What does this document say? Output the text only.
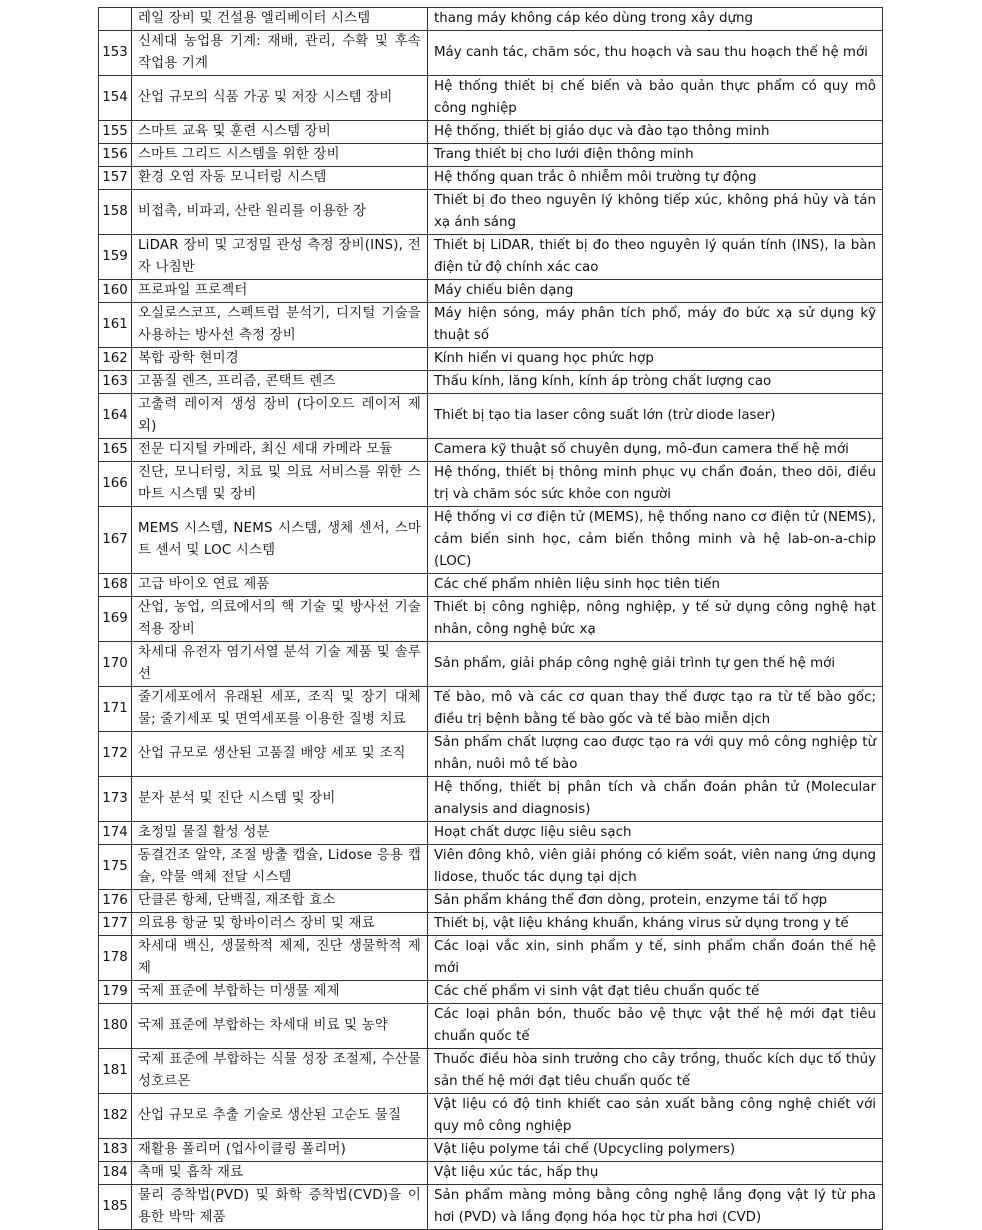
	레일 장비 및 건설용 엘리베이터 시스템	thang máy không cáp kéo dùng trong xây dựng
153	신세대 농업용 기계: 재배, 관리, 수확 및 후속 작업용 기계	Máy canh tác, chăm sóc, thu hoạch và sau thu hoạch thế hệ mới
154	산업 규모의 식품 가공 및 저장 시스템 장비	Hệ thống thiết bị chế biến và bảo quản thực phẩm có quy mô công nghiệp
155	스마트 교육 및 훈련 시스템 장비	Hệ thống, thiết bị giáo dục và đào tạo thông minh
156	스마트 그리드 시스템을 위한 장비	Trang thiết bị cho lưới điện thông minh
157	환경 오염 자동 모니터링 시스템	Hệ thống quan trắc ô nhiễm môi trường tự động
158	비접촉, 비파괴, 산란 원리를 이용한 장	Thiết bị đo theo nguyên lý không tiếp xúc, không phá hủy và tán xạ ánh sáng
159	LiDAR 장비 및 고정밀 관성 측정 장비(INS), 전자 나침반	Thiết bị LiDAR, thiết bị đo theo nguyên lý quán tính (INS), la bàn điện tử độ chính xác cao
160	프로파일 프로젝터	Máy chiếu biên dạng
161	오실로스코프, 스펙트럼 분석기, 디지털 기술을 사용하는 방사선 측정 장비	Máy hiện sóng, máy phân tích phổ, máy đo bức xạ sử dụng kỹ thuật số
162	복합 광학 현미경	Kính hiển vi quang học phức hợp
163	고품질 렌즈, 프리즘, 콘택트 렌즈	Thấu kính, lăng kính, kính áp tròng chất lượng cao
164	고출력 레이저 생성 장비 (다이오드 레이저 제외)	Thiết bị tạo tia laser công suất lớn (trừ diode laser)
165	전문 디지털 카메라, 최신 세대 카메라 모듈	Camera kỹ thuật số chuyên dụng, mô-đun camera thế hệ mới
166	진단, 모니터링, 치료 및 의료 서비스를 위한 스마트 시스템 및 장비	Hệ thống, thiết bị thông minh phục vụ chẩn đoán, theo dõi, điều trị và chăm sóc sức khỏe con người
167	MEMS 시스템, NEMS 시스템, 생체 센서, 스마트 센서 및 LOC 시스템	Hệ thống vi cơ điện tử (MEMS), hệ thống nano cơ điện tử (NEMS), cảm biến sinh học, cảm biến thông minh và hệ lab-on-a-chip (LOC)
168	고급 바이오 연료 제품	Các chế phẩm nhiên liệu sinh học tiên tiến
169	산업, 농업, 의료에서의 핵 기술 및 방사선 기술 적용 장비	Thiết bị công nghiệp, nông nghiệp, y tế sử dụng công nghệ hạt nhân, công nghệ bức xạ
170	차세대 유전자 염기서열 분석 기술 제품 및 솔루션	Sản phẩm, giải pháp công nghệ giải trình tự gen thế hệ mới
171	줄기세포에서 유래된 세포, 조직 및 장기 대체물; 줄기세포 및 면역세포를 이용한 질병 치료	Tế bào, mô và các cơ quan thay thế được tạo ra từ tế bào gốc; điều trị bệnh bằng tế bào gốc và tế bào miễn dịch
172	산업 규모로 생산된 고품질 배양 세포 및 조직	Sản phẩm chất lượng cao được tạo ra với quy mô công nghiệp từ nhân, nuôi mô tế bào
173	분자 분석 및 진단 시스템 및 장비	Hệ thống, thiết bị phân tích và chẩn đoán phân tử (Molecular analysis and diagnosis)
174	초정밀 물질 활성 성분	Hoạt chất dược liệu siêu sạch
175	동결건조 알약, 조절 방출 캡슐, Lidose 응용 캡슐, 약물 액체 전달 시스템	Viên đông khô, viên giải phóng có kiểm soát, viên nang ứng dụng lidose, thuốc tác dụng tại dịch
176	단클론 항체, 단백질, 재조합 효소	Sản phẩm kháng thể đơn dòng, protein, enzyme tái tổ hợp
177	의료용 항균 및 항바이러스 장비 및 재료	Thiết bị, vật liệu kháng khuẩn, kháng virus sử dụng trong y tế
178	차세대 백신, 생물학적 제제, 진단 생물학적 제제	Các loại vắc xin, sinh phẩm y tế, sinh phẩm chẩn đoán thế hệ mới
179	국제 표준에 부합하는 미생물 제제	Các chế phẩm vi sinh vật đạt tiêu chuẩn quốc tế
180	국제 표준에 부합하는 차세대 비료 및 농약	Các loại phân bón, thuốc bảo vệ thực vật thế hệ mới đạt tiêu chuẩn quốc tế
181	국제 표준에 부합하는 식물 성장 조절제, 수산물 성호르몬	Thuốc điều hòa sinh trưởng cho cây trồng, thuốc kích dục tố thủy sản thế hệ mới đạt tiêu chuẩn quốc tế
182	산업 규모로 추출 기술로 생산된 고순도 물질	Vật liệu có độ tinh khiết cao sản xuất bằng công nghệ chiết với quy mô công nghiệp
183	재활용 폴리머 (업사이클링 폴리머)	Vật liệu polyme tái chế (Upcycling polymers)
184	촉매 및 흡착 재료	Vật liệu xúc tác, hấp thụ
185	물리 증착법(PVD) 및 화학 증착법(CVD)을 이용한 박막 제품	Sản phẩm màng mỏng bằng công nghệ lắng đọng vật lý từ pha hơi (PVD) và lắng đọng hóa học từ pha hơi (CVD)
